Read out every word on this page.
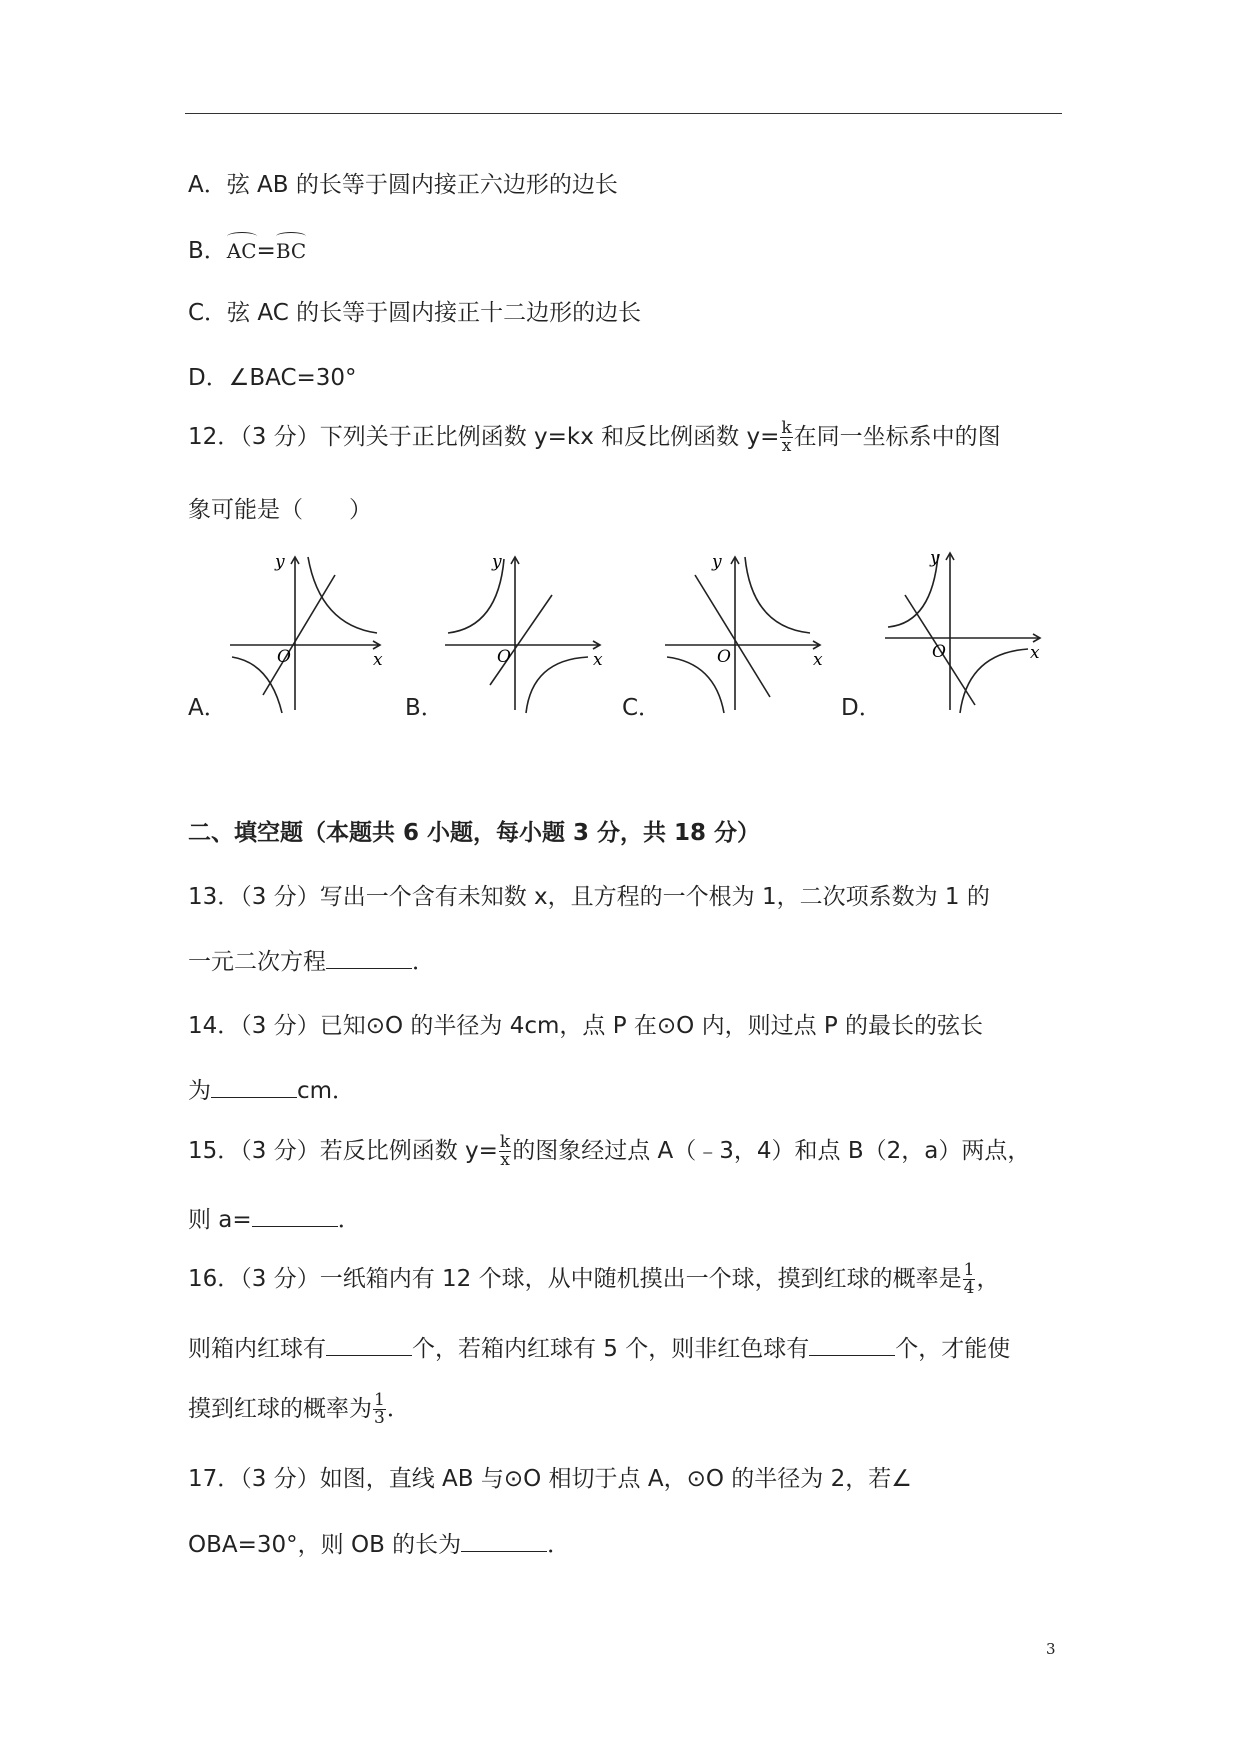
A．弦 AB 的长等于圆内接正六边形的边长
B．AC=BC
C．弦 AC 的长等于圆内接正十二边形的边长
D．∠BAC=30°
12．（3 分）下列关于正比例函数 y=kx 和反比例函数 $y= \frac{k}{x}$ 在同一坐标系中的图
象可能是（　　）
y
x
O
A．
y
x
O
B．
y
x
O
C．
y
x
O
D．
二、填空题（本题共 6 小题，每小题 3 分，共 18 分）
13．（3 分）写出一个含有未知数 x，且方程的一个根为 1，二次项系数为 1 的
一元二次方程	．
14．（3 分）已知⊙O 的半径为 4cm，点 P 在⊙O 内，则过点 P 的最长的弦长
为	cm．
15．（3 分）若反比例函数 $y= \frac{k}{x}$ 的图象经过点 A（﹣3，4）和点 B（2，a）两点，
则 a=	．
16．（3 分）一纸箱内有 12 个球，从中随机摸出一个球，摸到红球的概率是 $\frac{1}{4}$ ，
则箱内红球有	个，若箱内红球有 5 个，则非红色球有	个，才能使
摸到红球的概率为 $\frac{1}{3}$ ．
17．（3 分）如图，直线 AB 与⊙O 相切于点 A，⊙O 的半径为 2，若∠
OBA=30°，则 OB 的长为	．
3
